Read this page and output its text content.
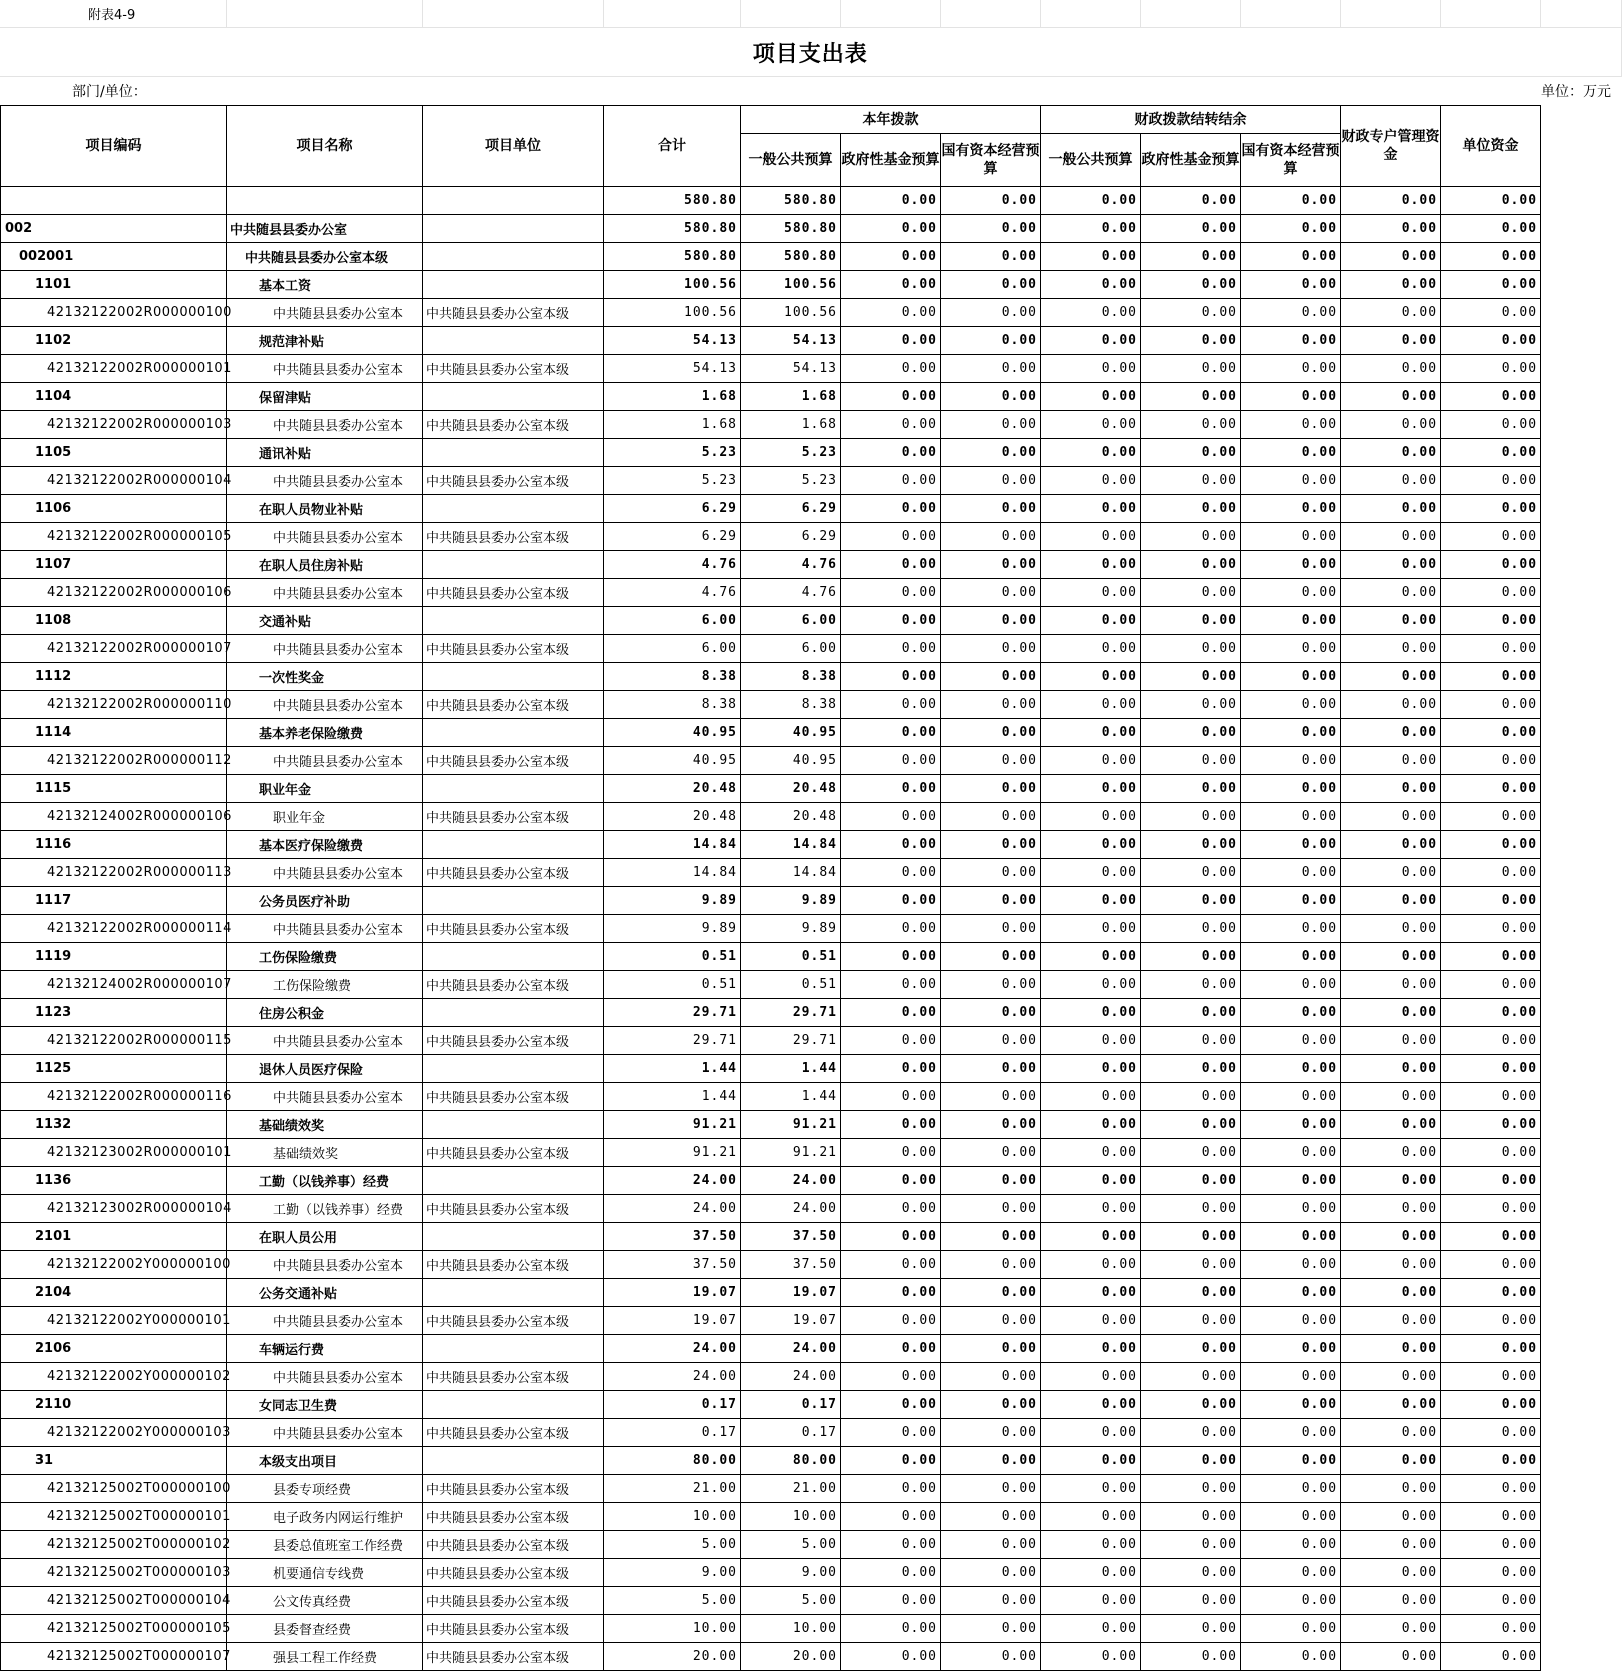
附表4-9												
项目支出表												
部门/单位：			单位：万元									
项目编码	项目名称	项目单位	合计	本年拨款			财政拨款结转结余			财政专户管理资金	单位资金
				一般公共预算	政府性基金预算	国有资本经营预算	一般公共预算	政府性基金预算	国有资本经营预算		
			580.80	580.80	0.00	0.00	0.00	0.00	0.00	0.00	0.00
002	中共随县县委办公室		580.80	580.80	0.00	0.00	0.00	0.00	0.00	0.00	0.00
002001	中共随县县委办公室本级		580.80	580.80	0.00	0.00	0.00	0.00	0.00	0.00	0.00
1101	基本工资		100.56	100.56	0.00	0.00	0.00	0.00	0.00	0.00	0.00
42132122002R000000100	中共随县县委办公室本	中共随县县委办公室本级	100.56	100.56	0.00	0.00	0.00	0.00	0.00	0.00	0.00
1102	规范津补贴		54.13	54.13	0.00	0.00	0.00	0.00	0.00	0.00	0.00
42132122002R000000101	中共随县县委办公室本	中共随县县委办公室本级	54.13	54.13	0.00	0.00	0.00	0.00	0.00	0.00	0.00
1104	保留津贴		1.68	1.68	0.00	0.00	0.00	0.00	0.00	0.00	0.00
42132122002R000000103	中共随县县委办公室本	中共随县县委办公室本级	1.68	1.68	0.00	0.00	0.00	0.00	0.00	0.00	0.00
1105	通讯补贴		5.23	5.23	0.00	0.00	0.00	0.00	0.00	0.00	0.00
42132122002R000000104	中共随县县委办公室本	中共随县县委办公室本级	5.23	5.23	0.00	0.00	0.00	0.00	0.00	0.00	0.00
1106	在职人员物业补贴		6.29	6.29	0.00	0.00	0.00	0.00	0.00	0.00	0.00
42132122002R000000105	中共随县县委办公室本	中共随县县委办公室本级	6.29	6.29	0.00	0.00	0.00	0.00	0.00	0.00	0.00
1107	在职人员住房补贴		4.76	4.76	0.00	0.00	0.00	0.00	0.00	0.00	0.00
42132122002R000000106	中共随县县委办公室本	中共随县县委办公室本级	4.76	4.76	0.00	0.00	0.00	0.00	0.00	0.00	0.00
1108	交通补贴		6.00	6.00	0.00	0.00	0.00	0.00	0.00	0.00	0.00
42132122002R000000107	中共随县县委办公室本	中共随县县委办公室本级	6.00	6.00	0.00	0.00	0.00	0.00	0.00	0.00	0.00
1112	一次性奖金		8.38	8.38	0.00	0.00	0.00	0.00	0.00	0.00	0.00
42132122002R000000110	中共随县县委办公室本	中共随县县委办公室本级	8.38	8.38	0.00	0.00	0.00	0.00	0.00	0.00	0.00
1114	基本养老保险缴费		40.95	40.95	0.00	0.00	0.00	0.00	0.00	0.00	0.00
42132122002R000000112	中共随县县委办公室本	中共随县县委办公室本级	40.95	40.95	0.00	0.00	0.00	0.00	0.00	0.00	0.00
1115	职业年金		20.48	20.48	0.00	0.00	0.00	0.00	0.00	0.00	0.00
42132124002R000000106	职业年金	中共随县县委办公室本级	20.48	20.48	0.00	0.00	0.00	0.00	0.00	0.00	0.00
1116	基本医疗保险缴费		14.84	14.84	0.00	0.00	0.00	0.00	0.00	0.00	0.00
42132122002R000000113	中共随县县委办公室本	中共随县县委办公室本级	14.84	14.84	0.00	0.00	0.00	0.00	0.00	0.00	0.00
1117	公务员医疗补助		9.89	9.89	0.00	0.00	0.00	0.00	0.00	0.00	0.00
42132122002R000000114	中共随县县委办公室本	中共随县县委办公室本级	9.89	9.89	0.00	0.00	0.00	0.00	0.00	0.00	0.00
1119	工伤保险缴费		0.51	0.51	0.00	0.00	0.00	0.00	0.00	0.00	0.00
42132124002R000000107	工伤保险缴费	中共随县县委办公室本级	0.51	0.51	0.00	0.00	0.00	0.00	0.00	0.00	0.00
1123	住房公积金		29.71	29.71	0.00	0.00	0.00	0.00	0.00	0.00	0.00
42132122002R000000115	中共随县县委办公室本	中共随县县委办公室本级	29.71	29.71	0.00	0.00	0.00	0.00	0.00	0.00	0.00
1125	退休人员医疗保险		1.44	1.44	0.00	0.00	0.00	0.00	0.00	0.00	0.00
42132122002R000000116	中共随县县委办公室本	中共随县县委办公室本级	1.44	1.44	0.00	0.00	0.00	0.00	0.00	0.00	0.00
1132	基础绩效奖		91.21	91.21	0.00	0.00	0.00	0.00	0.00	0.00	0.00
42132123002R000000101	基础绩效奖	中共随县县委办公室本级	91.21	91.21	0.00	0.00	0.00	0.00	0.00	0.00	0.00
1136	工勤（以钱养事）经费		24.00	24.00	0.00	0.00	0.00	0.00	0.00	0.00	0.00
42132123002R000000104	工勤（以钱养事）经费	中共随县县委办公室本级	24.00	24.00	0.00	0.00	0.00	0.00	0.00	0.00	0.00
2101	在职人员公用		37.50	37.50	0.00	0.00	0.00	0.00	0.00	0.00	0.00
42132122002Y000000100	中共随县县委办公室本	中共随县县委办公室本级	37.50	37.50	0.00	0.00	0.00	0.00	0.00	0.00	0.00
2104	公务交通补贴		19.07	19.07	0.00	0.00	0.00	0.00	0.00	0.00	0.00
42132122002Y000000101	中共随县县委办公室本	中共随县县委办公室本级	19.07	19.07	0.00	0.00	0.00	0.00	0.00	0.00	0.00
2106	车辆运行费		24.00	24.00	0.00	0.00	0.00	0.00	0.00	0.00	0.00
42132122002Y000000102	中共随县县委办公室本	中共随县县委办公室本级	24.00	24.00	0.00	0.00	0.00	0.00	0.00	0.00	0.00
2110	女同志卫生费		0.17	0.17	0.00	0.00	0.00	0.00	0.00	0.00	0.00
42132122002Y000000103	中共随县县委办公室本	中共随县县委办公室本级	0.17	0.17	0.00	0.00	0.00	0.00	0.00	0.00	0.00
31	本级支出项目		80.00	80.00	0.00	0.00	0.00	0.00	0.00	0.00	0.00
42132125002T000000100	县委专项经费	中共随县县委办公室本级	21.00	21.00	0.00	0.00	0.00	0.00	0.00	0.00	0.00
42132125002T000000101	电子政务内网运行维护	中共随县县委办公室本级	10.00	10.00	0.00	0.00	0.00	0.00	0.00	0.00	0.00
42132125002T000000102	县委总值班室工作经费	中共随县县委办公室本级	5.00	5.00	0.00	0.00	0.00	0.00	0.00	0.00	0.00
42132125002T000000103	机要通信专线费	中共随县县委办公室本级	9.00	9.00	0.00	0.00	0.00	0.00	0.00	0.00	0.00
42132125002T000000104	公文传真经费	中共随县县委办公室本级	5.00	5.00	0.00	0.00	0.00	0.00	0.00	0.00	0.00
42132125002T000000105	县委督查经费	中共随县县委办公室本级	10.00	10.00	0.00	0.00	0.00	0.00	0.00	0.00	0.00
42132125002T000000107	强县工程工作经费	中共随县县委办公室本级	20.00	20.00	0.00	0.00	0.00	0.00	0.00	0.00	0.00
